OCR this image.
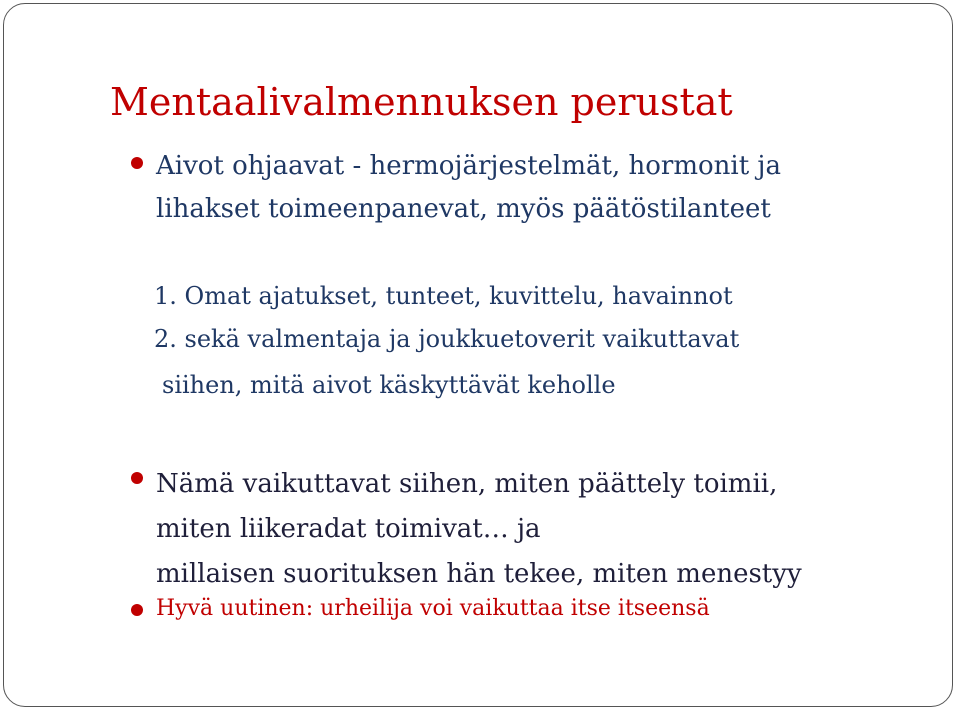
Mentaalivalmennuksen perustat
Aivot ohjaavat - hermojärjestelmät, hormonit ja
lihakset toimeenpanevat, myös päätöstilanteet
1. Omat ajatukset, tunteet, kuvittelu, havainnot
2. sekä valmentaja ja joukkuetoverit vaikuttavat
siihen, mitä aivot käskyttävät keholle
Nämä vaikuttavat siihen, miten päättely toimii,
miten liikeradat toimivat… ja
millaisen suorituksen hän tekee, miten menestyy
Hyvä uutinen: urheilija voi vaikuttaa itse itseensä
